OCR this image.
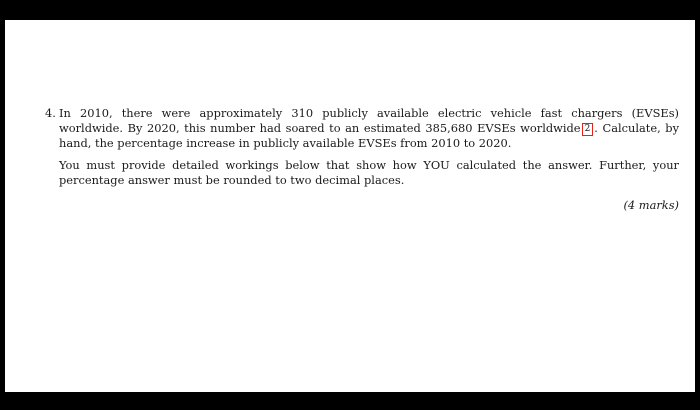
4. In 2010, there were approximately 310 publicly available electric vehicle fast chargers (EVSEs) worldwide. By 2020, this number had soared to an estimated 385,680 EVSEs worldwide 2 . Calculate, by hand, the percentage increase in publicly available EVSEs from 2010 to 2020.

You must provide detailed workings below that show how YOU calculated the answer. Further, your percentage answer must be rounded to two decimal places.

(4 marks)
